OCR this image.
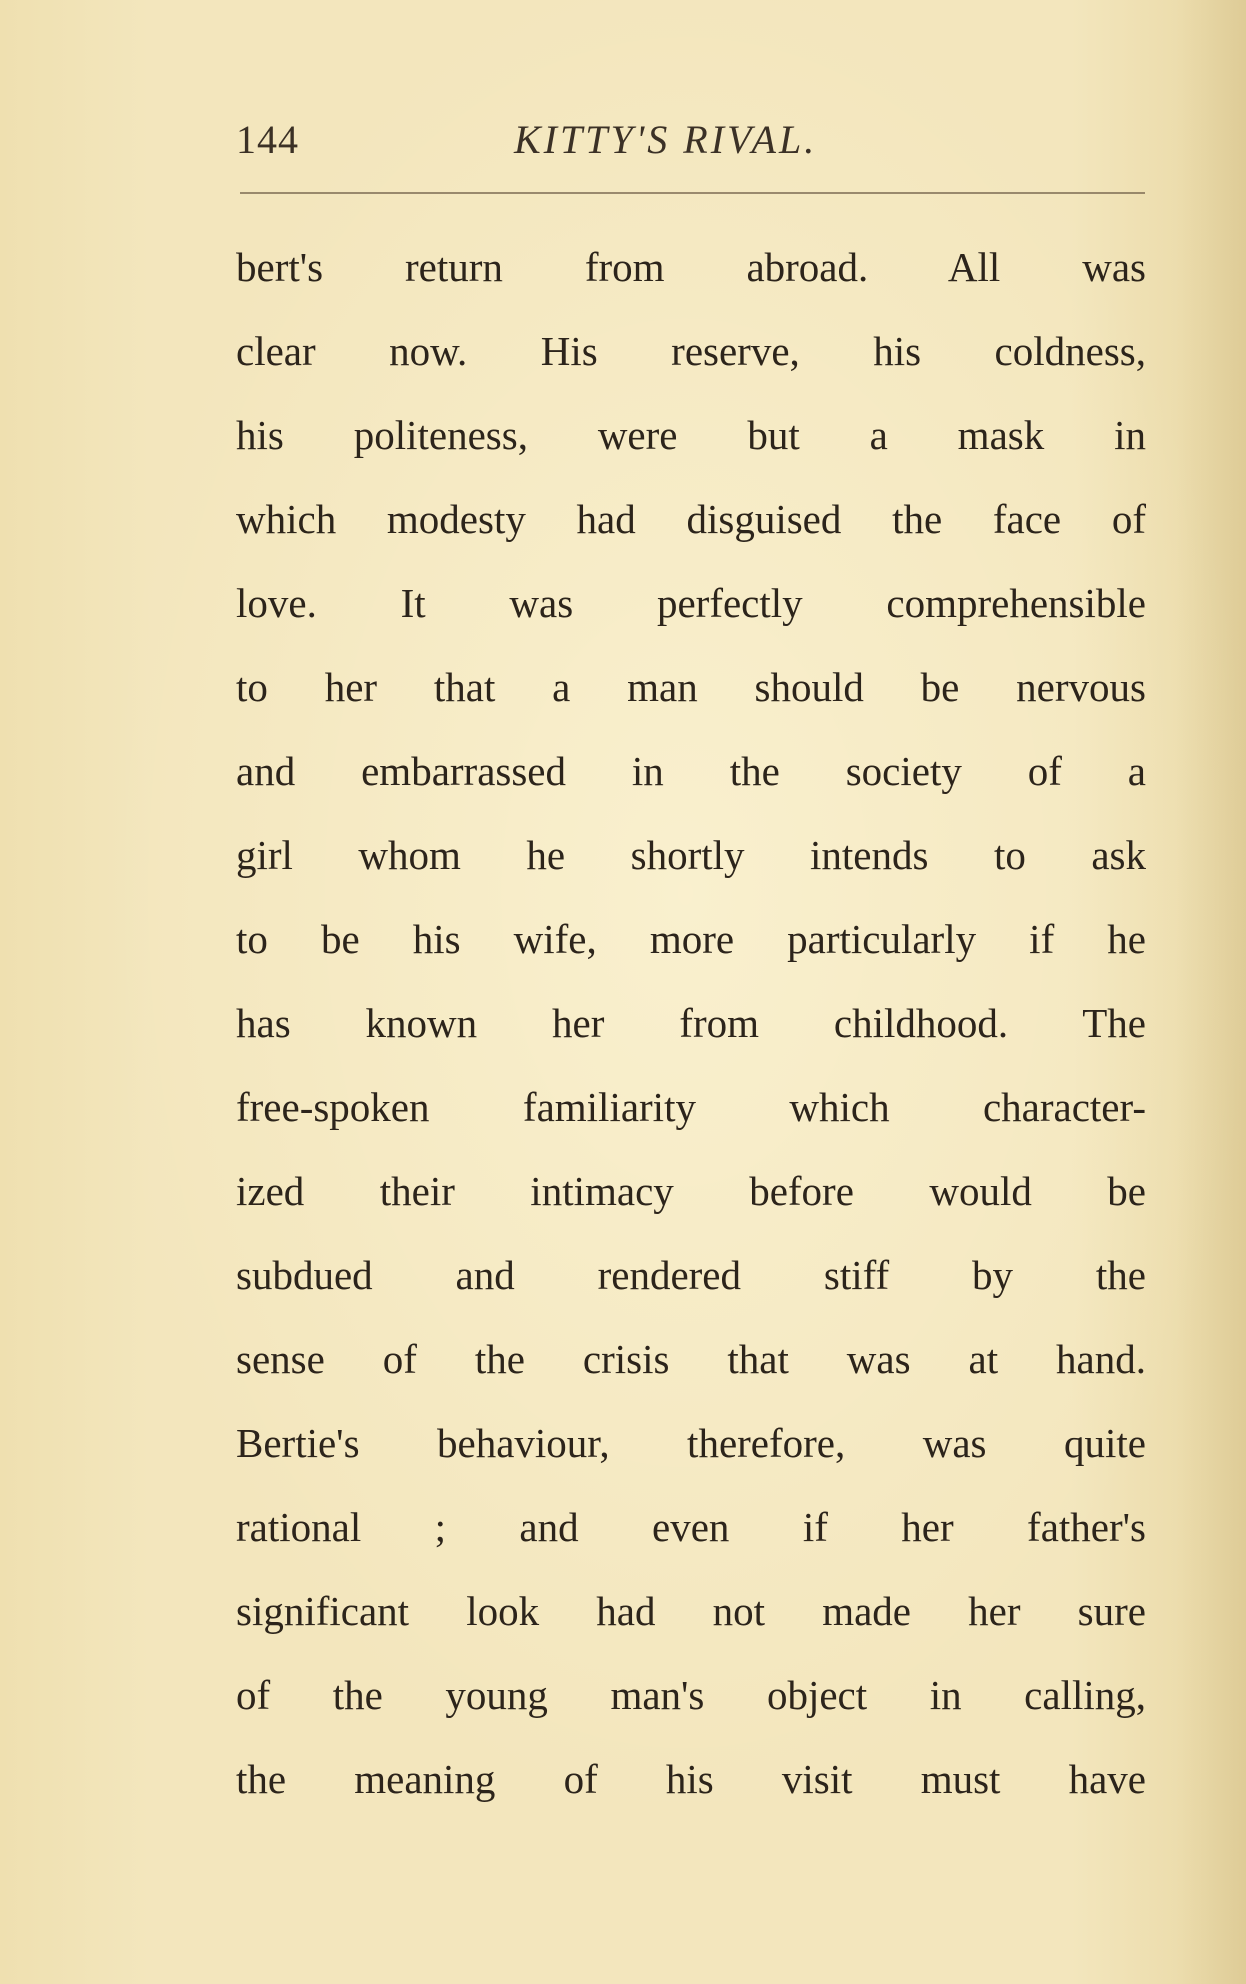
144	KITTY'S RIVAL.
bert's return from abroad. All was
clear now. His reserve, his coldness,
his politeness, were but a mask in
which modesty had disguised the face of
love. It was perfectly comprehensible
to her that a man should be nervous
and embarrassed in the society of a
girl whom he shortly intends to ask
to be his wife, more particularly if he
has known her from childhood. The
free-spoken familiarity which character-
ized their intimacy before would be
subdued and rendered stiff by the
sense of the crisis that was at hand.
Bertie's behaviour, therefore, was quite
rational ; and even if her father's
significant look had not made her sure
of the young man's object in calling,
the meaning of his visit must have
